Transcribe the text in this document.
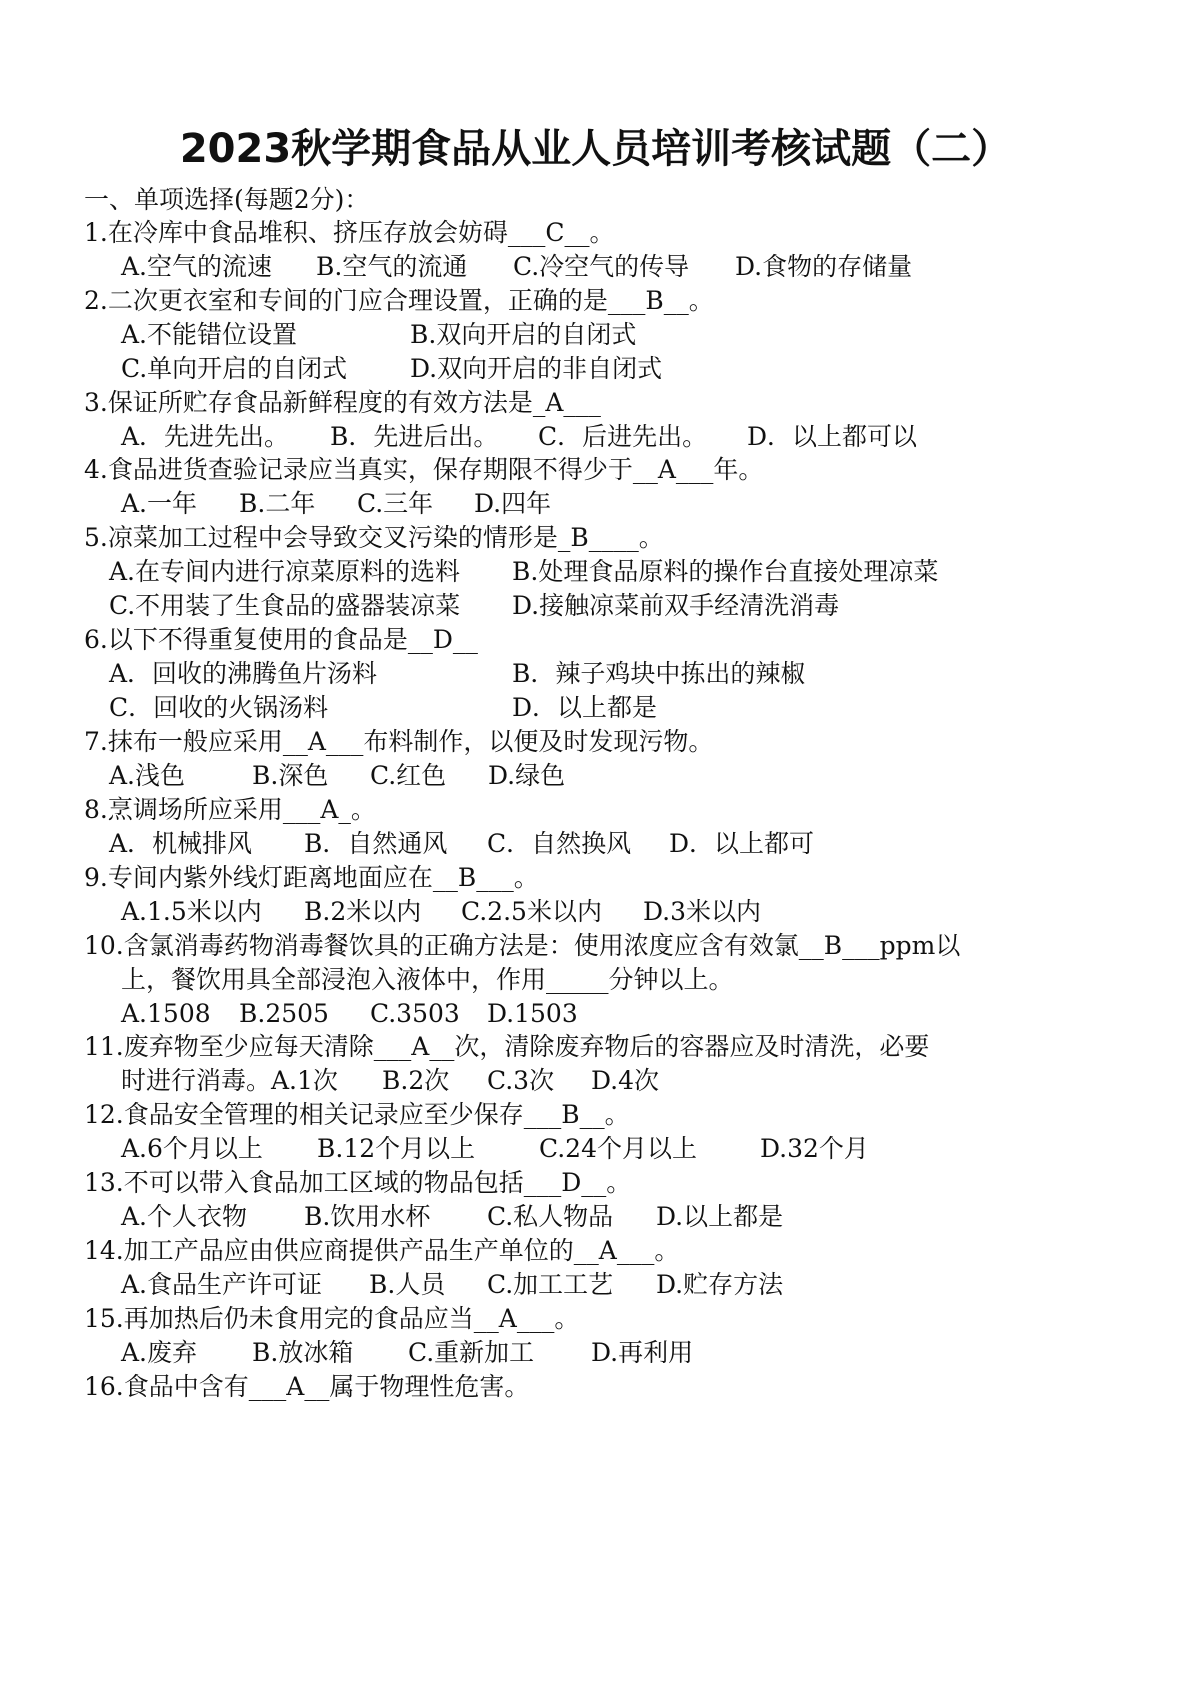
2023秋学期食品从业人员培训考核试题（二）
一、单项选择(每题2分)：
1.在冷库中食品堆积、挤压存放会妨碍___C__。
A.空气的流速 B.空气的流通 C.冷空气的传导 D.食物的存储量
2.二次更衣室和专间的门应合理设置，正确的是___B__。
A.不能错位设置	B.双向开启的自闭式
C.单向开启的自闭式	D.双向开启的非自闭式
3.保证所贮存食品新鲜程度的有效方法是_A___
A．先进先出。 B．先进后出。 C．后进先出。 D．以上都可以
4.食品进货查验记录应当真实，保存期限不得少于__A___年。
A.一年 B.二年 C.三年 D.四年
5.凉菜加工过程中会导致交叉污染的情形是_B____。
A.在专间内进行凉菜原料的选料 B.处理食品原料的操作台直接处理凉菜
C.不用装了生食品的盛器装凉菜 D.接触凉菜前双手经清洗消毒
6.以下不得重复使用的食品是__D__
A．回收的沸腾鱼片汤料	B．辣子鸡块中拣出的辣椒
C．回收的火锅汤料	D．以上都是
7.抹布一般应采用__A___布料制作，以便及时发现污物。
A.浅色	B.深色 C.红色 D.绿色
8.烹调场所应采用___A_。
A．机械排风 B．自然通风 C．自然换风 D．以上都可
9.专间内紫外线灯距离地面应在__B___。
A.1.5米以内 B.2米以内 C.2.5米以内 D.3米以内
10.含氯消毒药物消毒餐饮具的正确方法是：使用浓度应含有效氯__B___ppm以
上，餐饮用具全部浸泡入液体中，作用_____分钟以上。
A.1508 B.2505 C.3503 D.1503
11.废弃物至少应每天清除___A__次，清除废弃物后的容器应及时清洗，必要
时进行消毒。A.1次 B.2次 C.3次 D.4次
12.食品安全管理的相关记录应至少保存___B__。
A.6个月以上 B.12个月以上	C.24个月以上	D.32个月
13.不可以带入食品加工区域的物品包括___D__。
A.个人衣物 B.饮用水杯 C.私人物品 D.以上都是
14.加工产品应由供应商提供产品生产单位的__A___。
A.食品生产许可证 B.人员 C.加工工艺 D.贮存方法
15.再加热后仍未食用完的食品应当__A___。
A.废弃 B.放冰箱 C.重新加工 D.再利用
16.食品中含有___A__属于物理性危害。
